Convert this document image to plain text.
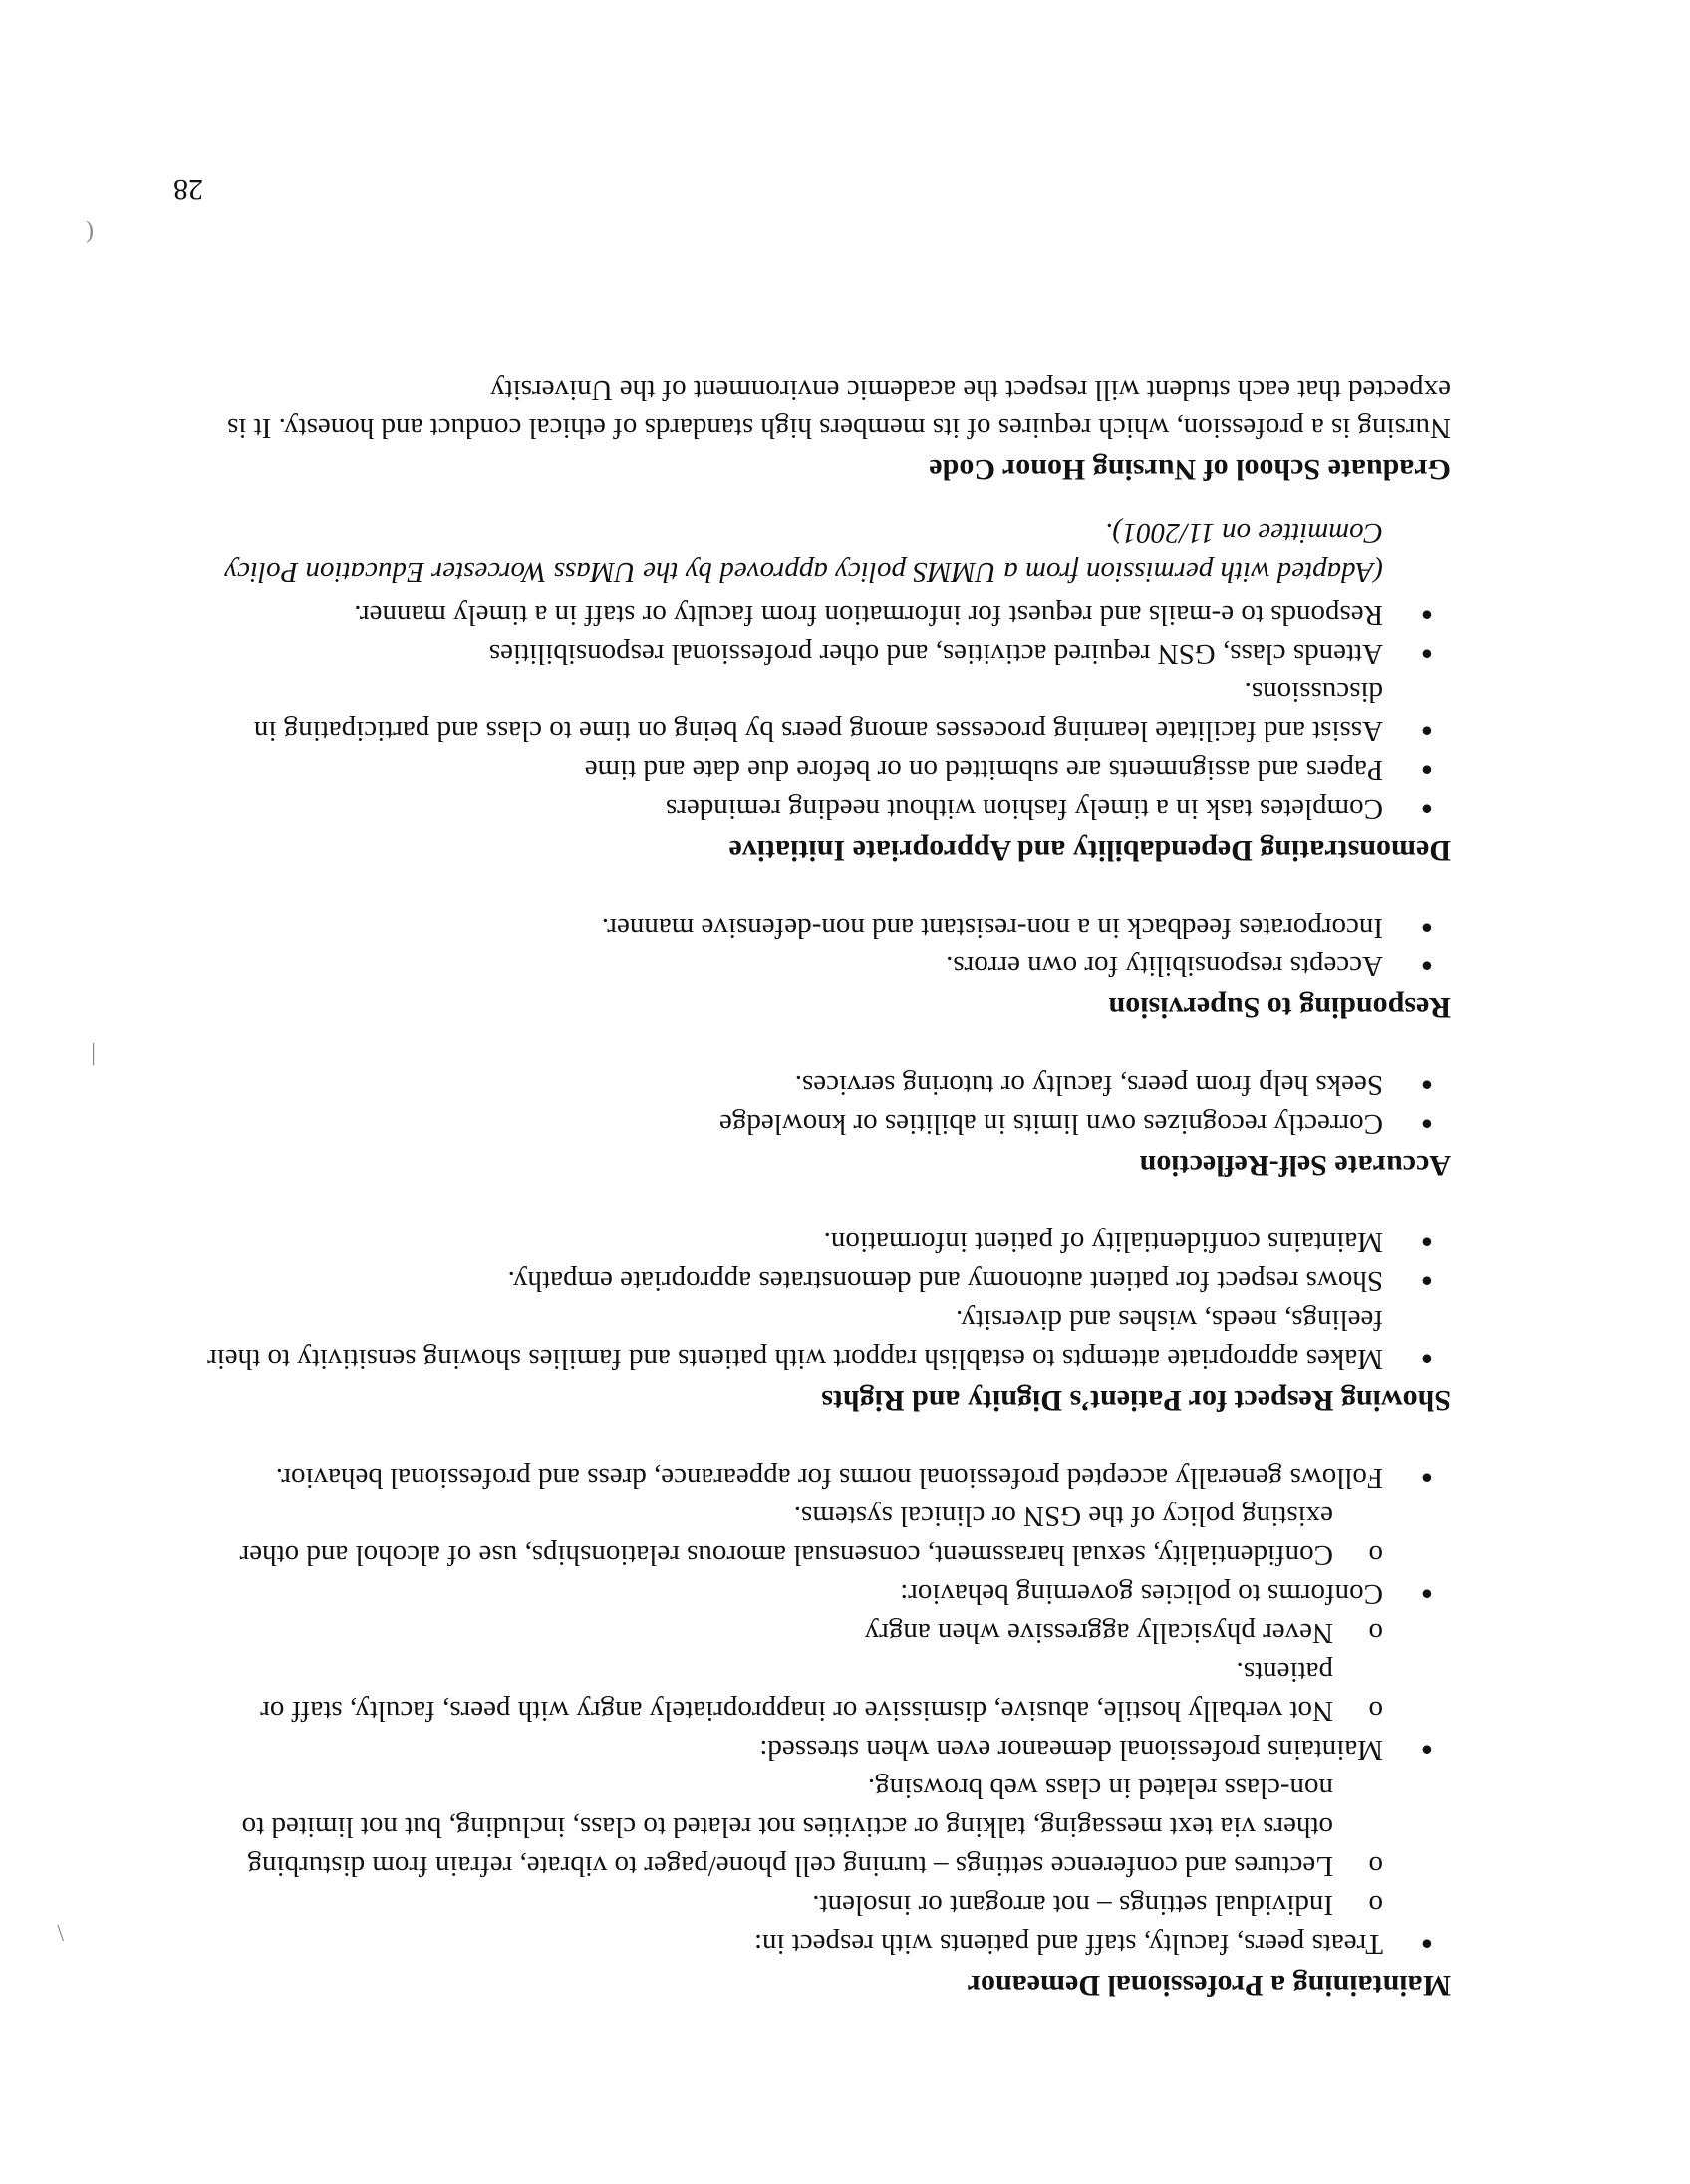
Maintaining a Professional Demeanor
● Treats peers, faculty, staff and patients with respect in:
o Individual settings – not arrogant or insolent.
o Lectures and conference settings – turning cell phone/pager to vibrate, refrain from disturbing others via text messaging, talking or activities not related to class, including, but not limited to non-class related in class web browsing.
● Maintains professional demeanor even when stressed:
o Not verbally hostile, abusive, dismissive or inappropriately angry with peers, faculty, staff or patients.
o Never physically aggressive when angry
● Conforms to policies governing behavior:
o Confidentiality, sexual harassment, consensual amorous relationships, use of alcohol and other existing policy of the GSN or clinical systems.
● Follows generally accepted professional norms for appearance, dress and professional behavior.
Showing Respect for Patient’s Dignity and Rights
● Makes appropriate attempts to establish rapport with patients and families showing sensitivity to their feelings, needs, wishes and diversity.
● Shows respect for patient autonomy and demonstrates appropriate empathy.
● Maintains confidentiality of patient information.
Accurate Self-Reflection
● Correctly recognizes own limits in abilities or knowledge
● Seeks help from peers, faculty or tutoring services.
Responding to Supervision
● Accepts responsibility for own errors.
● Incorporates feedback in a non-resistant and non-defensive manner.
Demonstrating Dependability and Appropriate Initiative
● Completes task in a timely fashion without needing reminders
● Papers and assignments are submitted on or before due date and time
● Assist and facilitate learning processes among peers by being on time to class and participating in discussions.
● Attends class, GSN required activities, and other professional responsibilities
● Responds to e-mails and request for information from faculty or staff in a timely manner.
(Adapted with permission from a UMMS policy approved by the UMass Worcester Education Policy Committee on 11/2001).
Graduate School of Nursing Honor Code

Nursing is a profession, which requires of its members high standards of ethical conduct and honesty. It is expected that each student will respect the academic environment of the University

28
\
|
(
